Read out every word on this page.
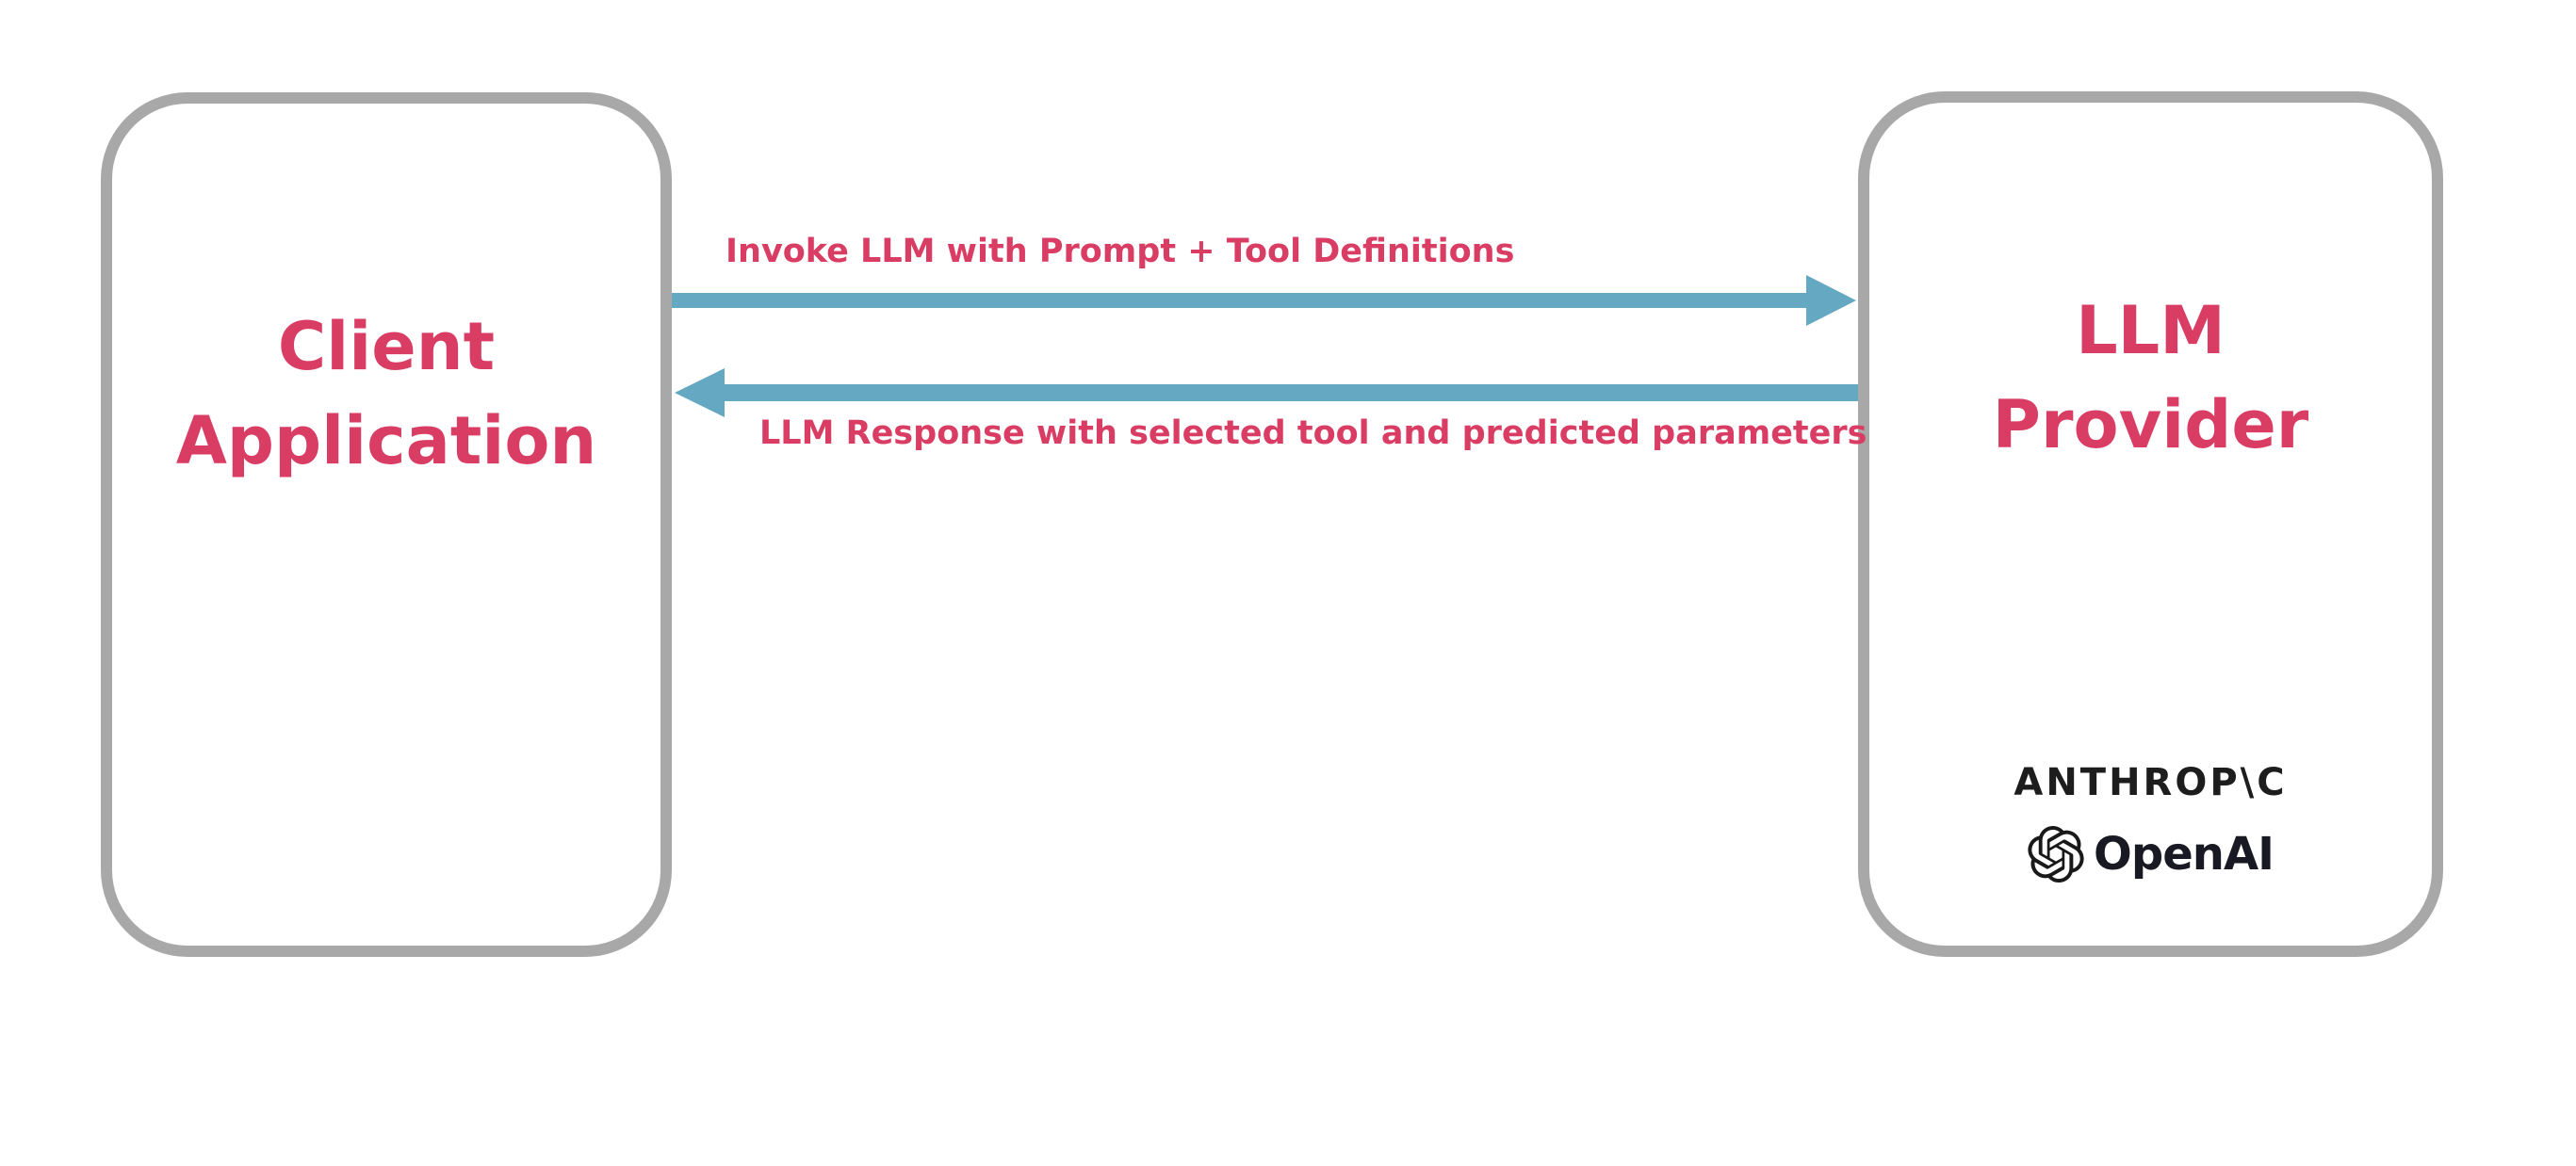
Client
Application
LLM
Provider
ANTHROP\C
OpenAI
Invoke LLM with Prompt + Tool Definitions
LLM Response with selected tool and predicted parameters
